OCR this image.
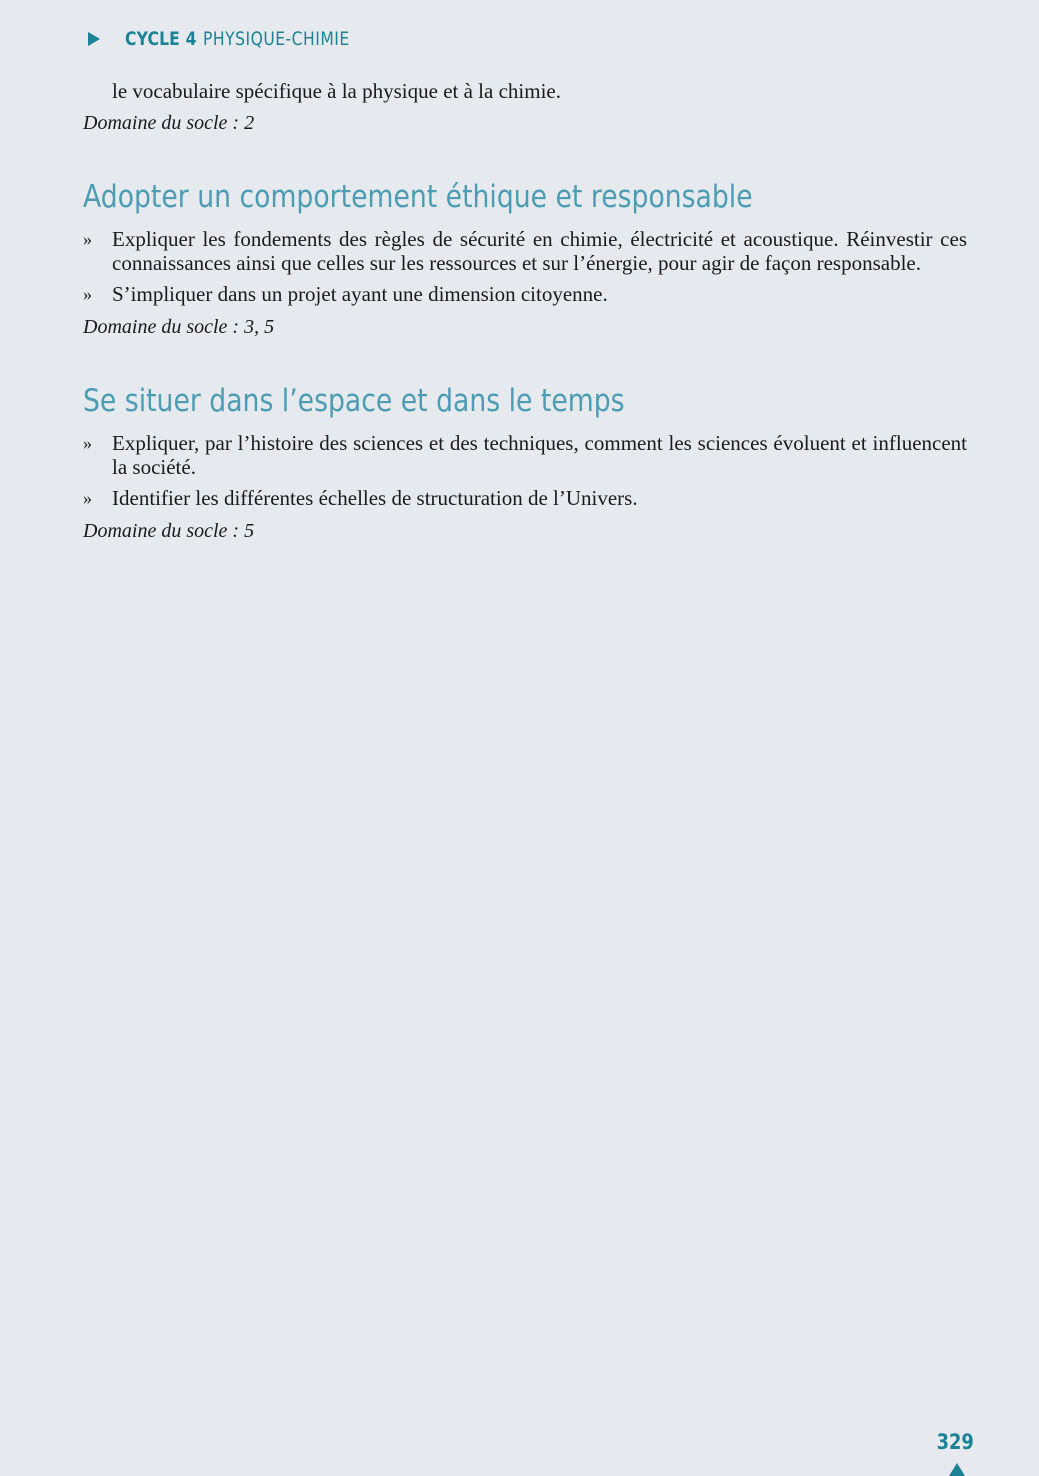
CYCLE 4 PHYSIQUE-CHIMIE
le vocabulaire spécifique à la physique et à la chimie.
Domaine du socle : 2
Adopter un comportement éthique et responsable
» Expliquer les fondements des règles de sécurité en chimie, électricité et acoustique. Réinvestir ces connaissances ainsi que celles sur les ressources et sur l’énergie, pour agir de façon responsable.
» S’impliquer dans un projet ayant une dimension citoyenne.
Domaine du socle : 3, 5
Se situer dans l’espace et dans le temps
» Expliquer, par l’histoire des sciences et des techniques, comment les sciences évoluent et influencent la société.
» Identifier les différentes échelles de structuration de l’Univers.
Domaine du socle : 5
329
